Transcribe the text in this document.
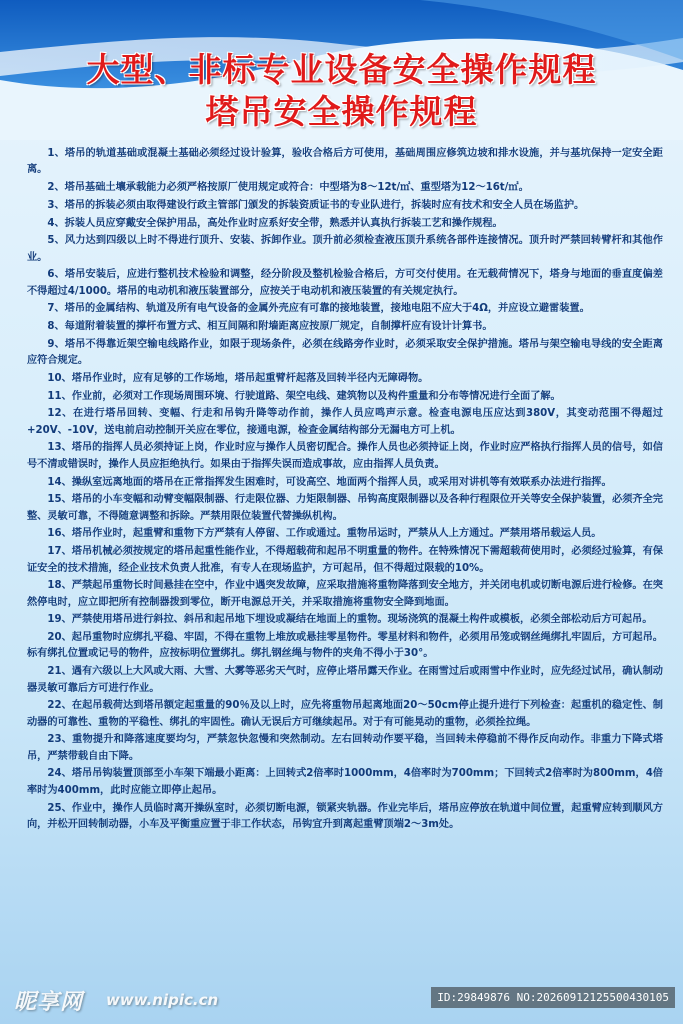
大型、非标专业设备安全操作规程
塔吊安全操作规程

1、塔吊的轨道基础或混凝土基础必须经过设计验算，验收合格后方可使用，基础周围应修筑边坡和排水设施，并与基坑保持一定安全距离。

2、塔吊基础土壤承载能力必须严格按原厂使用规定或符合：中型塔为8～12t/㎡、重型塔为12～16t/㎡。

3、塔吊的拆装必须由取得建设行政主管部门颁发的拆装资质证书的专业队进行，拆装时应有技术和安全人员在场监护。

4、拆装人员应穿戴安全保护用品，高处作业时应系好安全带，熟悉并认真执行拆装工艺和操作规程。

5、风力达到四级以上时不得进行顶升、安装、拆卸作业。顶升前必须检查液压顶升系统各部件连接情况。顶升时严禁回转臂杆和其他作业。

6、塔吊安装后，应进行整机技术检验和调整，经分阶段及整机检验合格后，方可交付使用。在无载荷情况下，塔身与地面的垂直度偏差不得超过4/1000。塔吊的电动机和液压装置部分，应按关于电动机和液压装置的有关规定执行。

7、塔吊的金属结构、轨道及所有电气设备的金属外壳应有可靠的接地装置，接地电阻不应大于4Ω，并应设立避雷装置。

8、每道附着装置的撑杆布置方式、相互间隔和附墙距离应按原厂规定，自制撑杆应有设计计算书。

9、塔吊不得靠近架空输电线路作业，如限于现场条件，必须在线路旁作业时，必须采取安全保护措施。塔吊与架空输电导线的安全距离应符合规定。

10、塔吊作业时，应有足够的工作场地，塔吊起重臂杆起落及回转半径内无障碍物。

11、作业前，必须对工作现场周围环境、行驶道路、架空电线、建筑物以及构件重量和分布等情况进行全面了解。

12、在进行塔吊回转、变幅、行走和吊钩升降等动作前，操作人员应鸣声示意。检查电源电压应达到380V，其变动范围不得超过+20V、-10V，送电前启动控制开关应在零位，接通电源，检查金属结构部分无漏电方可上机。

13、塔吊的指挥人员必须持证上岗，作业时应与操作人员密切配合。操作人员也必须持证上岗，作业时应严格执行指挥人员的信号，如信号不清或错误时，操作人员应拒绝执行。如果由于指挥失误而造成事故，应由指挥人员负责。

14、操纵室远离地面的塔吊在正常指挥发生困难时，可设高空、地面两个指挥人员，或采用对讲机等有效联系办法进行指挥。

15、塔吊的小车变幅和动臂变幅限制器、行走限位器、力矩限制器、吊钩高度限制器以及各种行程限位开关等安全保护装置，必须齐全完整、灵敏可靠，不得随意调整和拆除。严禁用限位装置代替操纵机构。

16、塔吊作业时，起重臂和重物下方严禁有人停留、工作或通过。重物吊运时，严禁从人上方通过。严禁用塔吊载运人员。

17、塔吊机械必须按规定的塔吊起重性能作业，不得超载荷和起吊不明重量的物件。在特殊情况下需超载荷使用时，必须经过验算，有保证安全的技术措施，经企业技术负责人批准，有专人在现场监护，方可起吊，但不得超过限载的10%。

18、严禁起吊重物长时间悬挂在空中，作业中遇突发故障，应采取措施将重物降落到安全地方，并关闭电机或切断电源后进行检修。在突然停电时，应立即把所有控制器拨到零位，断开电源总开关，并采取措施将重物安全降到地面。

19、严禁使用塔吊进行斜拉、斜吊和起吊地下埋设或凝结在地面上的重物。现场浇筑的混凝土构件或模板，必须全部松动后方可起吊。

20、起吊重物时应绑扎平稳、牢固，不得在重物上堆放或悬挂零星物件。零星材料和物件，必须用吊笼或钢丝绳绑扎牢固后，方可起吊。标有绑扎位置或记号的物件，应按标明位置绑扎。绑扎钢丝绳与物件的夹角不得小于30°。

21、遇有六级以上大风或大雨、大雪、大雾等恶劣天气时，应停止塔吊露天作业。在雨雪过后或雨雪中作业时，应先经过试吊，确认制动器灵敏可靠后方可进行作业。

22、在起吊载荷达到塔吊额定起重量的90％及以上时，应先将重物吊起离地面20～50cm停止提升进行下列检查：起重机的稳定性、制动器的可靠性、重物的平稳性、绑扎的牢固性。确认无误后方可继续起吊。对于有可能晃动的重物，必须拴拉绳。

23、重物提升和降落速度要均匀，严禁忽快忽慢和突然制动。左右回转动作要平稳，当回转未停稳前不得作反向动作。非重力下降式塔吊，严禁带载自由下降。

24、塔吊吊钩装置顶部至小车架下端最小距离：上回转式2倍率时1000mm，4倍率时为700mm；下回转式2倍率时为800mm，4倍率时为400mm，此时应能立即停止起吊。

25、作业中，操作人员临时离开操纵室时，必须切断电源，锁紧夹轨器。作业完毕后，塔吊应停放在轨道中间位置，起重臂应转到顺风方向，并松开回转制动器，小车及平衡重应置于非工作状态，吊钩宜升到离起重臂顶端2～3m处。

昵享网 www.nipic.cn	ID:29849876 NO:20260912125500430105
